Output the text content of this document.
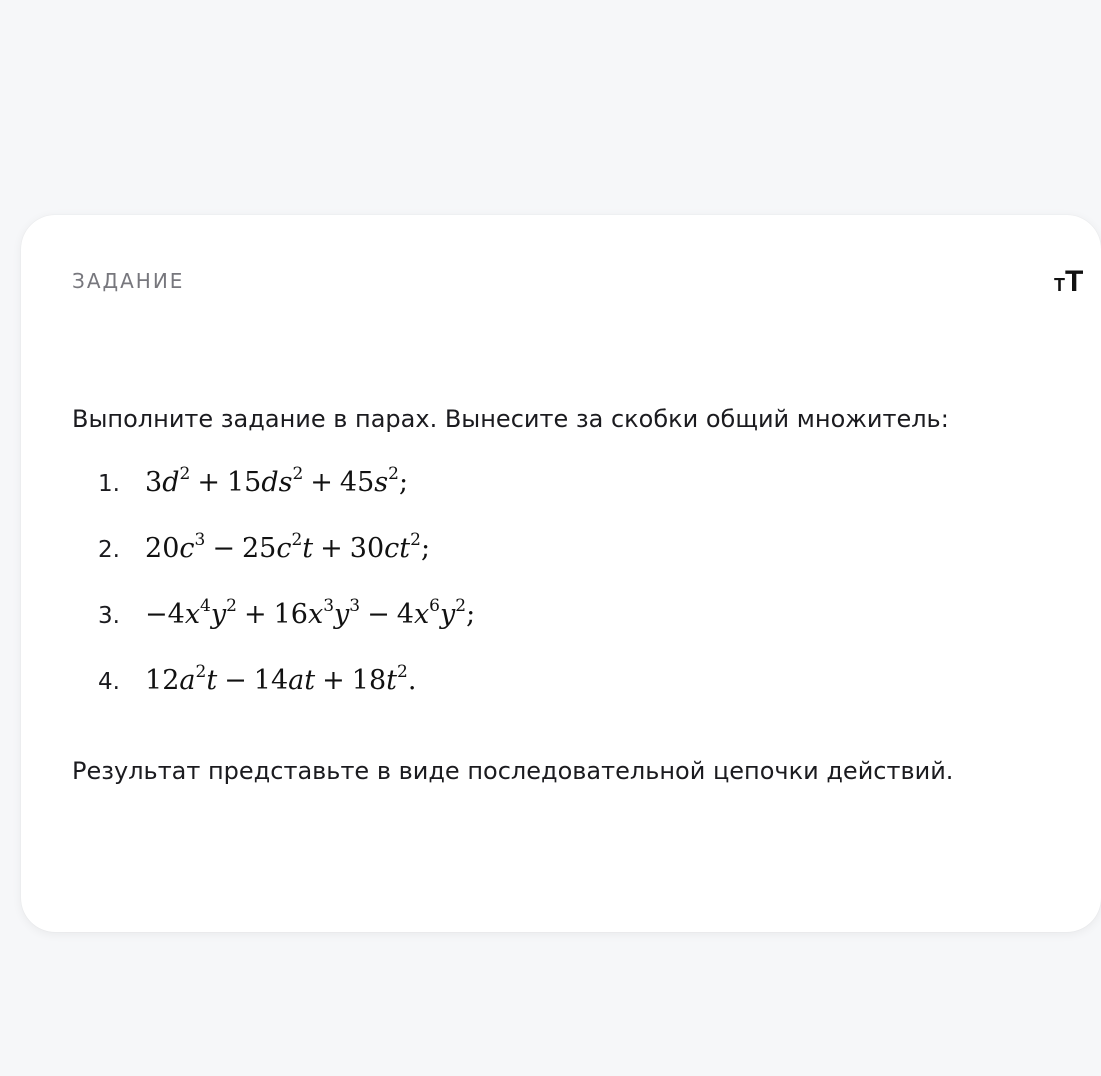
ЗАДАНИЕ	TT
Выполните задание в парах. Вынесите за скобки общий множитель:
1. $3d^2 + 15ds^2 + 45s^2$;
2. $20c^3 - 25c^2t + 30ct^2$;
3. $-4x^4y^2 + 16x^3y^3 - 4x^6y^2$;
4. $12a^2t - 14at + 18t^2$.
Результат представьте в виде последовательной цепочки действий.
